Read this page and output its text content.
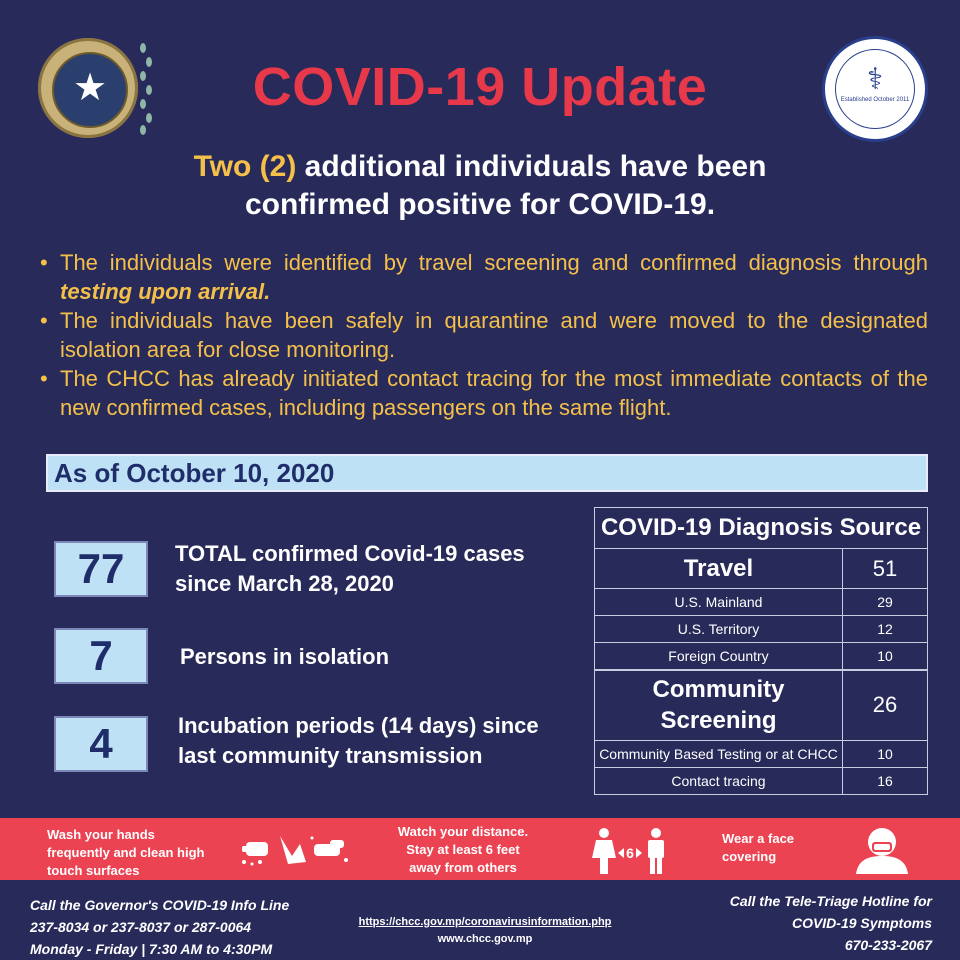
★	⚕
Established October 2011
COVID-19 Update
Two (2) additional individuals have been confirmed positive for COVID-19.
• The individuals were identified by travel screening and confirmed diagnosis through testing upon arrival.
• The individuals have been safely in quarantine and were moved to the designated isolation area for close monitoring.
• The CHCC has already initiated contact tracing for the most immediate contacts of the new confirmed cases, including passengers on the same flight.
As of October 10, 2020
77	TOTAL confirmed Covid-19 cases
since March 28, 2020
7	Persons in isolation
4	Incubation periods (14 days) since
last community transmission
COVID-19 Diagnosis Source	
Travel	51
U.S. Mainland	29
U.S. Territory	12
Foreign Country	10

Community
Screening	26
Community Based Testing or at CHCC	10
Contact tracing	16
Wash your hands
frequently and clean high
touch surfaces
Watch your distance.
Stay at least 6 feet
away from others
6
Wear a face
covering
Call the Governor's COVID-19 Info Line
237-8034 or 237-8037 or 287-0064
Monday - Friday | 7:30 AM to 4:30PM
https://chcc.gov.mp/coronavirusinformation.php
www.chcc.gov.mp
Call the Tele-Triage Hotline for
COVID-19 Symptoms
670-233-2067
